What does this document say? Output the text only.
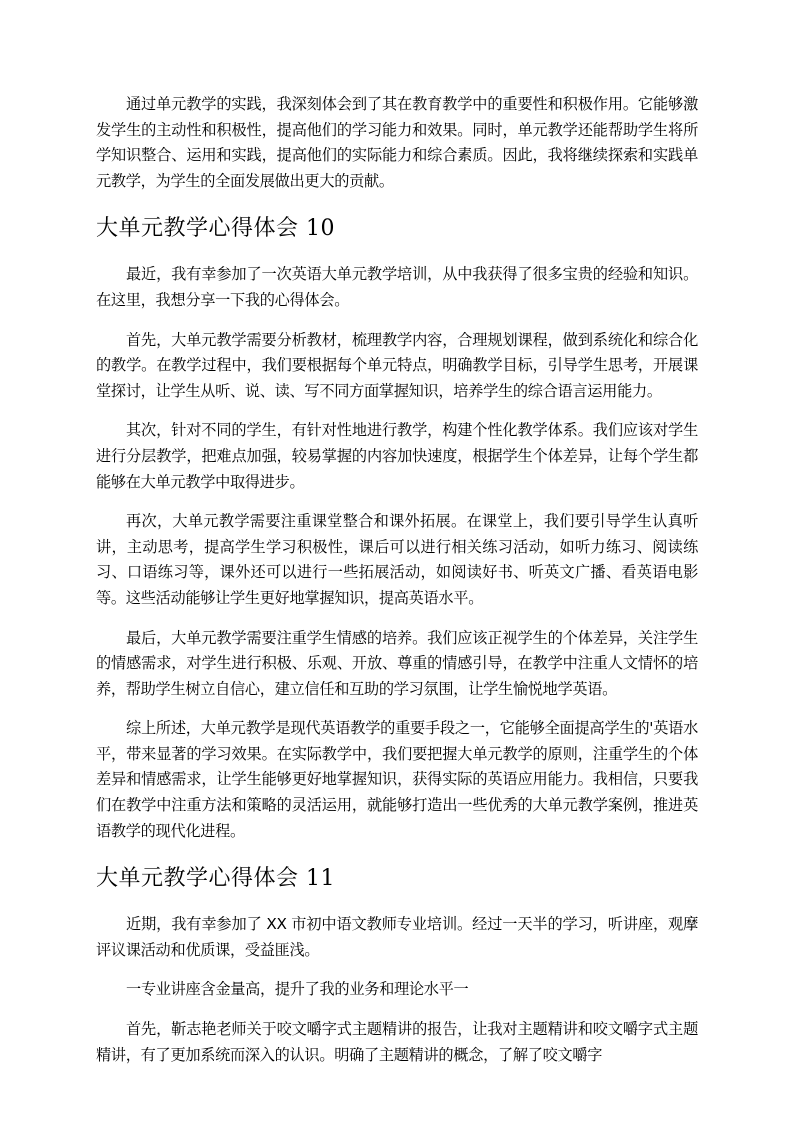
通过单元教学的实践，我深刻体会到了其在教育教学中的重要性和积极作用。它能够激发学生的主动性和积极性，提高他们的学习能力和效果。同时，单元教学还能帮助学生将所学知识整合、运用和实践，提高他们的实际能力和综合素质。因此，我将继续探索和实践单元教学，为学生的全面发展做出更大的贡献。

大单元教学心得体会 10

最近，我有幸参加了一次英语大单元教学培训，从中我获得了很多宝贵的经验和知识。在这里，我想分享一下我的心得体会。

首先，大单元教学需要分析教材，梳理教学内容，合理规划课程，做到系统化和综合化的教学。在教学过程中，我们要根据每个单元特点，明确教学目标，引导学生思考，开展课堂探讨，让学生从听、说、读、写不同方面掌握知识，培养学生的综合语言运用能力。

其次，针对不同的学生，有针对性地进行教学，构建个性化教学体系。我们应该对学生进行分层教学，把难点加强，较易掌握的内容加快速度，根据学生个体差异，让每个学生都能够在大单元教学中取得进步。

再次，大单元教学需要注重课堂整合和课外拓展。在课堂上，我们要引导学生认真听讲，主动思考，提高学生学习积极性，课后可以进行相关练习活动，如听力练习、阅读练习、口语练习等，课外还可以进行一些拓展活动，如阅读好书、听英文广播、看英语电影等。这些活动能够让学生更好地掌握知识，提高英语水平。

最后，大单元教学需要注重学生情感的培养。我们应该正视学生的个体差异，关注学生的情感需求，对学生进行积极、乐观、开放、尊重的情感引导，在教学中注重人文情怀的培养，帮助学生树立自信心，建立信任和互助的学习氛围，让学生愉悦地学英语。

综上所述，大单元教学是现代英语教学的重要手段之一，它能够全面提高学生的'英语水平，带来显著的学习效果。在实际教学中，我们要把握大单元教学的原则，注重学生的个体差异和情感需求，让学生能够更好地掌握知识，获得实际的英语应用能力。我相信，只要我们在教学中注重方法和策略的灵活运用，就能够打造出一些优秀的大单元教学案例，推进英语教学的现代化进程。

大单元教学心得体会 11

近期，我有幸参加了 XX 市初中语文教师专业培训。经过一天半的学习，听讲座，观摩评议课活动和优质课，受益匪浅。

一专业讲座含金量高，提升了我的业务和理论水平一

首先，靳志艳老师关于咬文嚼字式主题精讲的报告，让我对主题精讲和咬文嚼字式主题精讲，有了更加系统而深入的认识。明确了主题精讲的概念，了解了咬文嚼字
